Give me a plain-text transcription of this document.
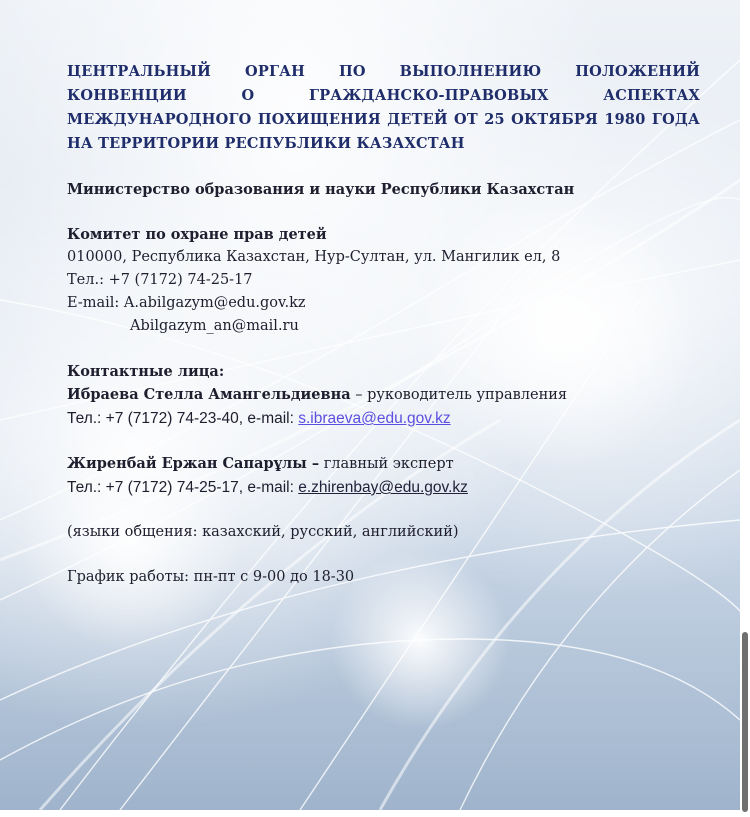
ЦЕНТРАЛЬНЫЙ ОРГАН ПО ВЫПОЛНЕНИЮ ПОЛОЖЕНИЙ КОНВЕНЦИИ О ГРАЖДАНСКО-ПРАВОВЫХ АСПЕКТАХ МЕЖДУНАРОДНОГО ПОХИЩЕНИЯ ДЕТЕЙ ОТ 25 ОКТЯБРЯ 1980 ГОДА НА ТЕРРИТОРИИ РЕСПУБЛИКИ КАЗАХСТАН

Министерство образования и науки Республики Казахстан
Комитет по охране прав детей
010000, Республика Казахстан, Нур-Султан, ул. Мангилик ел, 8
Тел.: +7 (7172) 74-25-17
E-mail: A.abilgazym@edu.gov.kz
Abilgazym_an@mail.ru
Контактные лица:
Ибраева Стелла Амангельдиевна – руководитель управления
Тел.: +7 (7172) 74-23-40, e-mail: s.ibraeva@edu.gov.kz
Жиренбай Ержан Сапарұлы – главный эксперт
Тел.: +7 (7172) 74-25-17, e-mail: e.zhirenbay@edu.gov.kz
(языки общения: казахский, русский, английский)
График работы: пн-пт с 9-00 до 18-30
